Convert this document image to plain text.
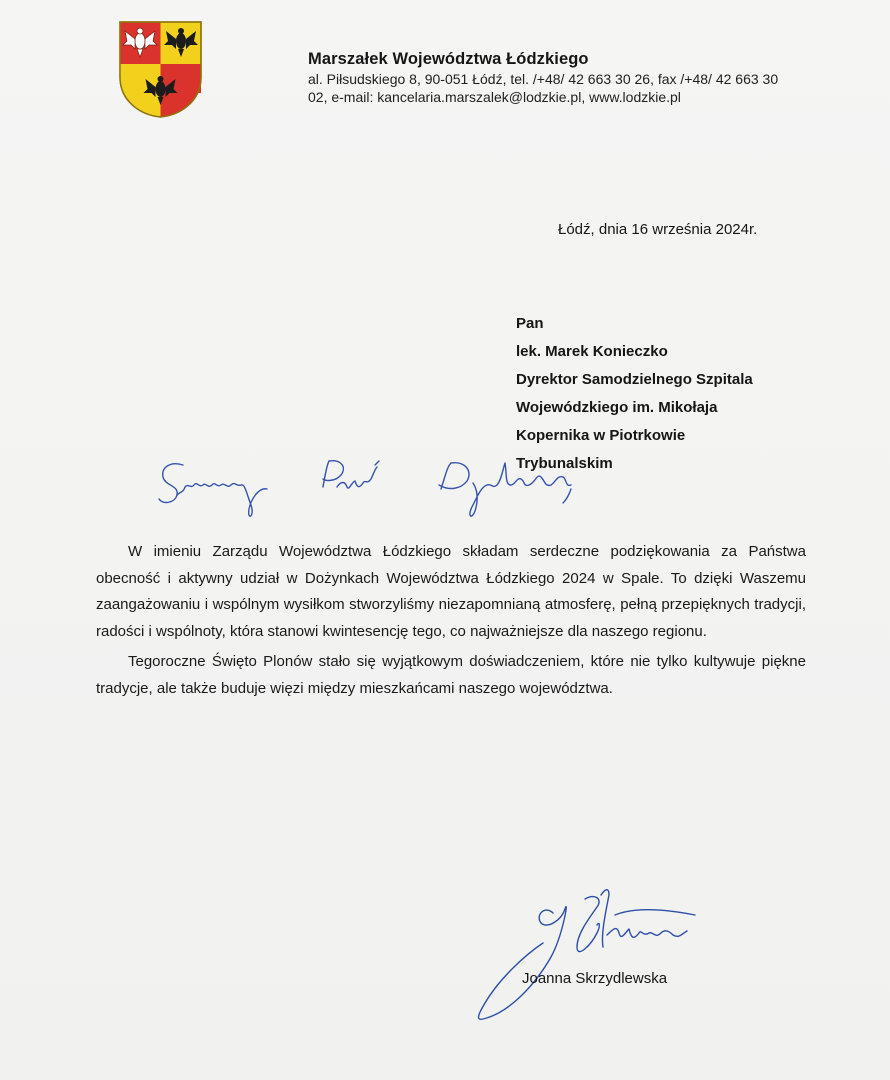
Marszałek Województwa Łódzkiego
al. Piłsudskiego 8, 90-051 Łódź, tel. /+48/ 42 663 30 26, fax /+48/ 42 663 30 02, e-mail: kancelaria.marszalek@lodzkie.pl, www.lodzkie.pl
Łódź, dnia 16 września 2024r.
Pan
lek. Marek Konieczko
Dyrektor Samodzielnego Szpitala
Wojewódzkiego im. Mikołaja
Kopernika w Piotrkowie
Trybunalskim

W imieniu Zarządu Województwa Łódzkiego składam serdeczne podziękowania za Państwa obecność i aktywny udział w Dożynkach Województwa Łódzkiego 2024 w Spale. To dzięki Waszemu zaangażowaniu i wspólnym wysiłkom stworzyliśmy niezapomnianą atmosferę, pełną przepięknych tradycji, radości i wspólnoty, która stanowi kwintesencję tego, co najważniejsze dla naszego regionu.

Tegoroczne Święto Plonów stało się wyjątkowym doświadczeniem, które nie tylko kultywuje piękne tradycje, ale także buduje więzi między mieszkańcami naszego województwa.

Joanna Skrzydlewska
